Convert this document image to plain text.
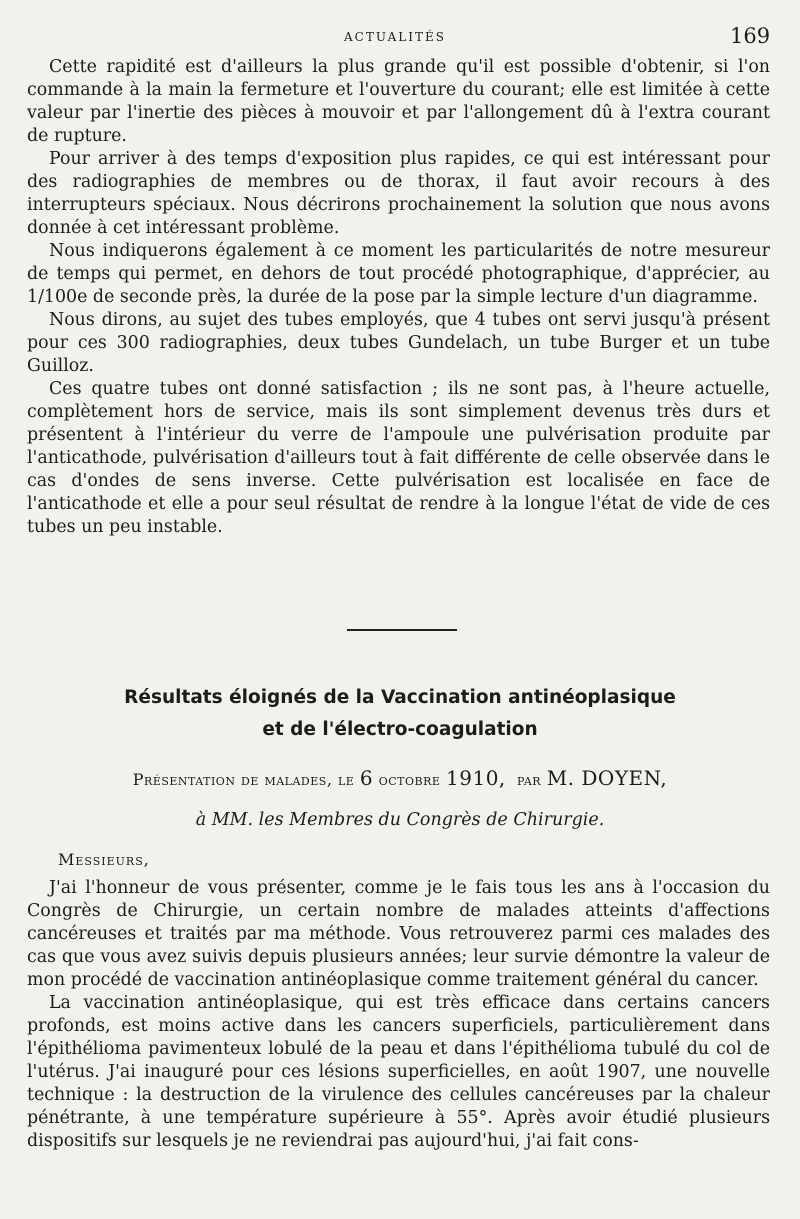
ACTUALITÉS	169

Cette rapidité est d'ailleurs la plus grande qu'il est possible d'obtenir, si l'on commande à la main la fermeture et l'ouverture du courant; elle est limitée à cette valeur par l'inertie des pièces à mouvoir et par l'allongement dû à l'extra courant de rupture.

Pour arriver à des temps d'exposition plus rapides, ce qui est intéressant pour des radiographies de membres ou de thorax, il faut avoir recours à des interrupteurs spéciaux. Nous décrirons prochainement la solution que nous avons donnée à cet intéressant problème.

Nous indiquerons également à ce moment les particularités de notre mesureur de temps qui permet, en dehors de tout procédé photographique, d'apprécier, au 1/100e de seconde près, la durée de la pose par la simple lecture d'un diagramme.

Nous dirons, au sujet des tubes employés, que 4 tubes ont servi jusqu'à présent pour ces 300 radiographies, deux tubes Gundelach, un tube Burger et un tube Guilloz.

Ces quatre tubes ont donné satisfaction ; ils ne sont pas, à l'heure actuelle, complètement hors de service, mais ils sont simplement devenus très durs et présentent à l'intérieur du verre de l'ampoule une pulvérisation produite par l'anticathode, pulvérisation d'ailleurs tout à fait différente de celle observée dans le cas d'ondes de sens inverse. Cette pulvérisation est localisée en face de l'anticathode et elle a pour seul résultat de rendre à la longue l'état de vide de ces tubes un peu instable.

Résultats éloignés de la Vaccination antinéoplasique
et de l'électro-coagulation
Présentation de malades, le 6 octobre 1910, par M. DOYEN,
à MM. les Membres du Congrès de Chirurgie.
Messieurs,

J'ai l'honneur de vous présenter, comme je le fais tous les ans à l'occasion du Congrès de Chirurgie, un certain nombre de malades atteints d'affections cancéreuses et traités par ma méthode. Vous retrouverez parmi ces malades des cas que vous avez suivis depuis plusieurs années; leur survie démontre la valeur de mon procédé de vaccination antinéoplasique comme traitement général du cancer.

La vaccination antinéoplasique, qui est très efficace dans certains cancers profonds, est moins active dans les cancers superficiels, particulièrement dans l'épithélioma pavimenteux lobulé de la peau et dans l'épithélioma tubulé du col de l'utérus. J'ai inauguré pour ces lésions superficielles, en août 1907, une nouvelle technique : la destruction de la virulence des cellules cancéreuses par la chaleur pénétrante, à une température supérieure à 55°. Après avoir étudié plusieurs dispositifs sur lesquels je ne reviendrai pas aujourd'hui, j'ai fait cons-
